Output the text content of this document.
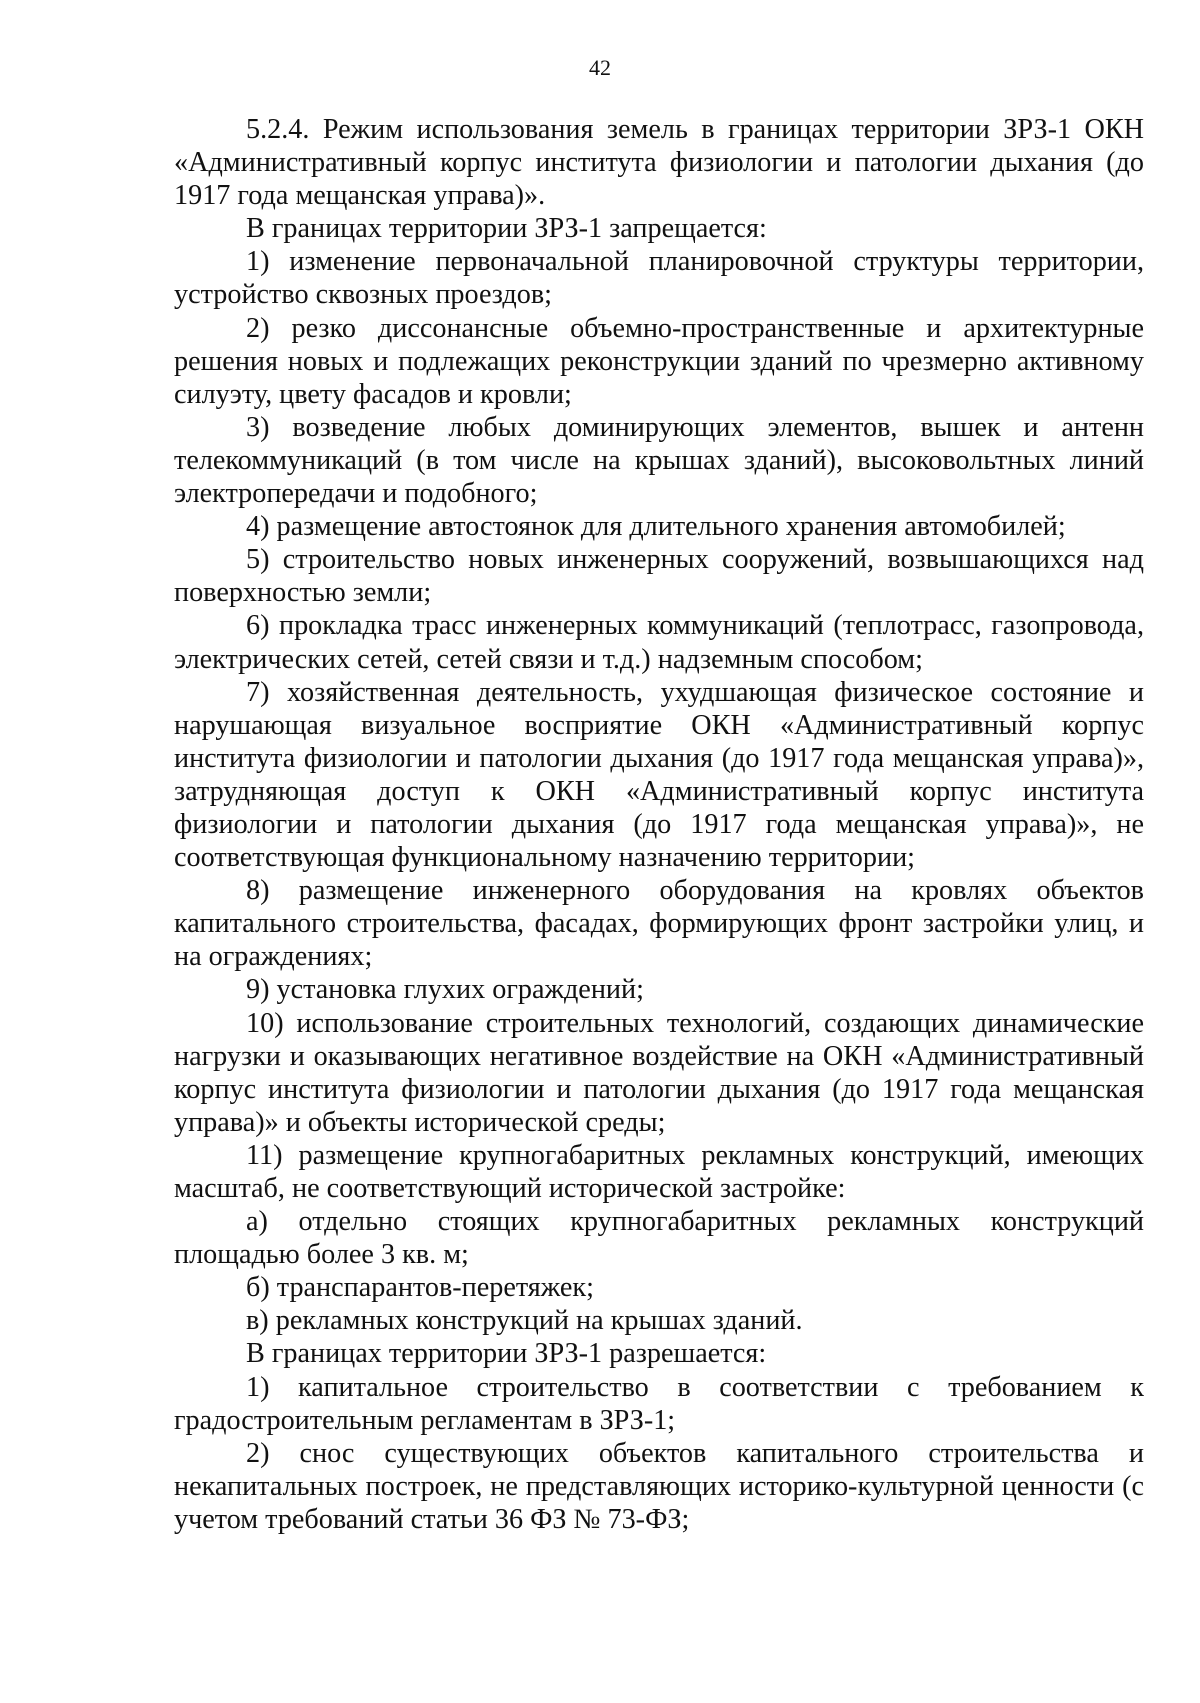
42

5.2.4. Режим использования земель в границах территории ЗРЗ-1 ОКН «Административный корпус института физиологии и патологии дыхания (до 1917 года мещанская управа)».

В границах территории ЗРЗ-1 запрещается:

1) изменение первоначальной планировочной структуры территории, устройство сквозных проездов;

2) резко диссонансные объемно-пространственные и архитектурные решения новых и подлежащих реконструкции зданий по чрезмерно активному силуэту, цвету фасадов и кровли;

3) возведение любых доминирующих элементов, вышек и антенн телекоммуникаций (в том числе на крышах зданий), высоковольтных линий электропередачи и подобного;

4) размещение автостоянок для длительного хранения автомобилей;

5) строительство новых инженерных сооружений, возвышающихся над поверхностью земли;

6) прокладка трасс инженерных коммуникаций (теплотрасс, газопровода, электрических сетей, сетей связи и т.д.) надземным способом;

7) хозяйственная деятельность, ухудшающая физическое состояние и нарушающая визуальное восприятие ОКН «Административный корпус института физиологии и патологии дыхания (до 1917 года мещанская управа)», затрудняющая доступ к ОКН «Административный корпус института физиологии и патологии дыхания (до 1917 года мещанская управа)», не соответствующая функциональному назначению территории;

8) размещение инженерного оборудования на кровлях объектов капитального строительства, фасадах, формирующих фронт застройки улиц, и на ограждениях;

9) установка глухих ограждений;

10) использование строительных технологий, создающих динамические нагрузки и оказывающих негативное воздействие на ОКН «Административный корпус института физиологии и патологии дыхания (до 1917 года мещанская управа)» и объекты исторической среды;

11) размещение крупногабаритных рекламных конструкций, имеющих масштаб, не соответствующий исторической застройке:

а) отдельно стоящих крупногабаритных рекламных конструкций площадью более 3 кв. м;

б) транспарантов-перетяжек;

в) рекламных конструкций на крышах зданий.

В границах территории ЗРЗ-1 разрешается:

1) капитальное строительство в соответствии с требованием к градостроительным регламентам в ЗРЗ-1;

2) снос существующих объектов капитального строительства и некапитальных построек, не представляющих историко-культурной ценности (с учетом требований статьи 36 ФЗ № 73-ФЗ;
